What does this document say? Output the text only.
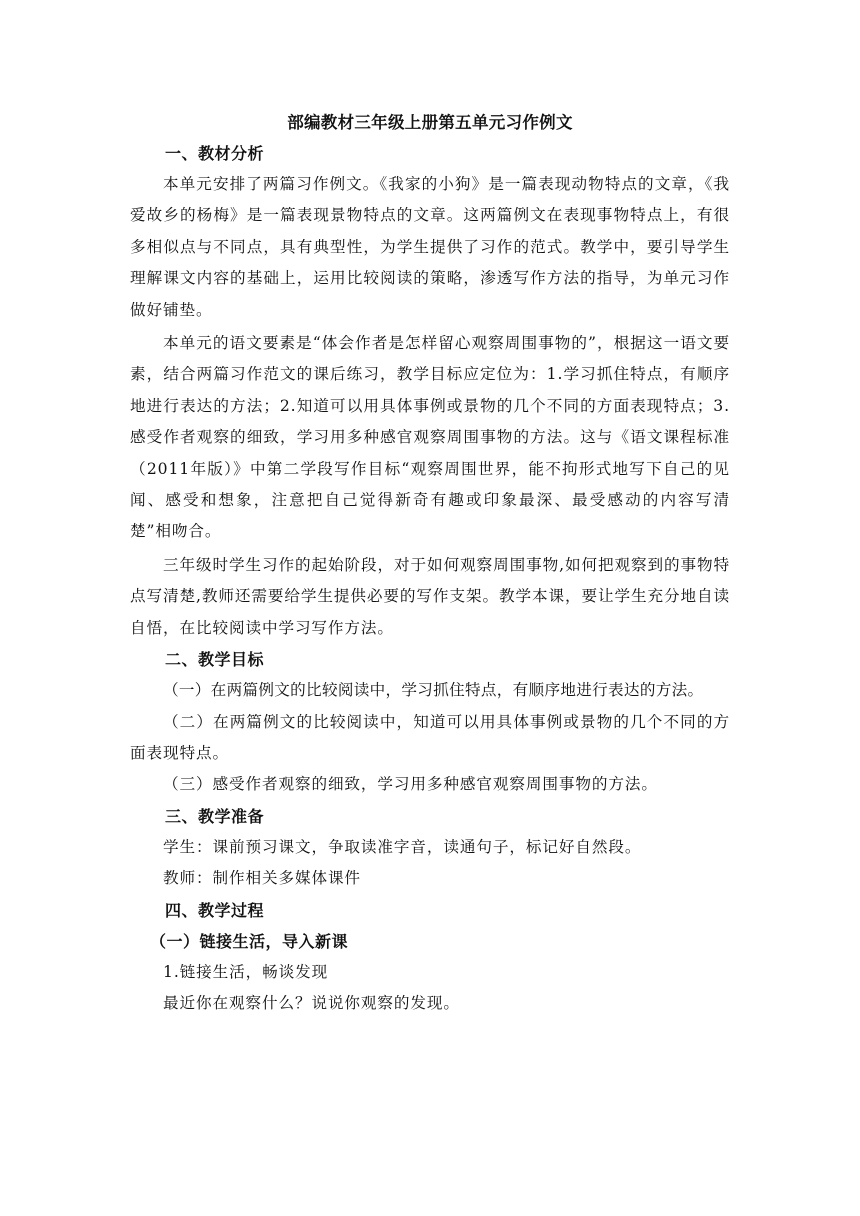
部编教材三年级上册第五单元习作例文

一、教材分析

本单元安排了两篇习作例文。《我家的小狗》是一篇表现动物特点的文章，《我爱故乡的杨梅》是一篇表现景物特点的文章。这两篇例文在表现事物特点上，有很多相似点与不同点，具有典型性，为学生提供了习作的范式。教学中，要引导学生理解课文内容的基础上，运用比较阅读的策略，渗透写作方法的指导，为单元习作做好铺垫。

本单元的语文要素是“体会作者是怎样留心观察周围事物的”，根据这一语文要素，结合两篇习作范文的课后练习，教学目标应定位为：1.学习抓住特点，有顺序地进行表达的方法；2.知道可以用具体事例或景物的几个不同的方面表现特点；3.感受作者观察的细致，学习用多种感官观察周围事物的方法。这与《语文课程标准（2011年版）》中第二学段写作目标“观察周围世界，能不拘形式地写下自己的见闻、感受和想象，注意把自己觉得新奇有趣或印象最深、最受感动的内容写清楚”相吻合。

三年级时学生习作的起始阶段，对于如何观察周围事物,如何把观察到的事物特点写清楚,教师还需要给学生提供必要的写作支架。教学本课，要让学生充分地自读自悟，在比较阅读中学习写作方法。

二、教学目标

（一）在两篇例文的比较阅读中，学习抓住特点，有顺序地进行表达的方法。

（二）在两篇例文的比较阅读中，知道可以用具体事例或景物的几个不同的方面表现特点。

（三）感受作者观察的细致，学习用多种感官观察周围事物的方法。

三、教学准备

学生：课前预习课文，争取读准字音，读通句子，标记好自然段。

教师：制作相关多媒体课件

四、教学过程

（一）链接生活，导入新课

1.链接生活，畅谈发现

最近你在观察什么？说说你观察的发现。
